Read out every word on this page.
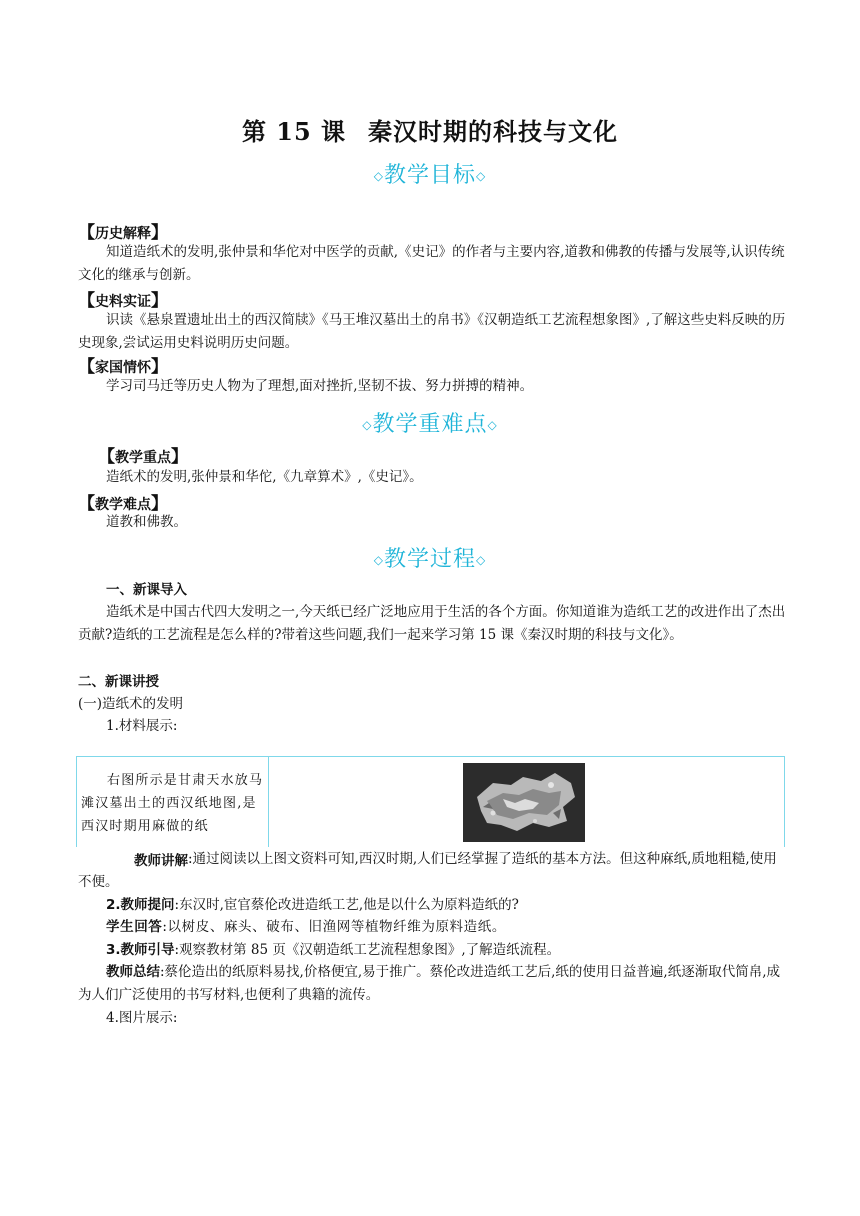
第 15 课 秦汉时期的科技与文化
◇教学目标◇
【历史解释】
知道造纸术的发明,张仲景和华佗对中医学的贡献,《史记》的作者与主要内容,道教和佛教的传播与发展等,认识传统文化的继承与创新。
【史料实证】
识读《悬泉置遗址出土的西汉简牍》《马王堆汉墓出土的帛书》《汉朝造纸工艺流程想象图》,了解这些史料反映的历史现象,尝试运用史料说明历史问题。
【家国情怀】
学习司马迁等历史人物为了理想,面对挫折,坚韧不拔、努力拼搏的精神。
◇教学重难点◇
【教学重点】
造纸术的发明,张仲景和华佗,《九章算术》,《史记》。
【教学难点】
道教和佛教。
◇教学过程◇
一、新课导入
造纸术是中国古代四大发明之一,今天纸已经广泛地应用于生活的各个方面。你知道谁为造纸工艺的改进作出了杰出贡献?造纸的工艺流程是怎么样的?带着这些问题,我们一起来学习第 15 课《秦汉时期的科技与文化》。
二、新课讲授
(一)造纸术的发明
1.材料展示:
右图所示是甘肃天水放马滩汉墓出土的西汉纸地图,是西汉时期用麻做的纸
教师讲解 :通过阅读以上图文资料可知,西汉时期,人们已经掌握了造纸的基本方法。但这种麻纸,质地粗糙,使用不便。
2.教师提问:东汉时,宦官蔡伦改进造纸工艺,他是以什么为原料造纸的?
学生回答:以树皮、麻头、破布、旧渔网等植物纤维为原料造纸。
3.教师引导:观察教材第 85 页《汉朝造纸工艺流程想象图》,了解造纸流程。
教师总结:蔡伦造出的纸原料易找,价格便宜,易于推广。蔡伦改进造纸工艺后,纸的使用日益普遍,纸逐渐取代简帛,成为人们广泛使用的书写材料,也便利了典籍的流传。
4.图片展示:
